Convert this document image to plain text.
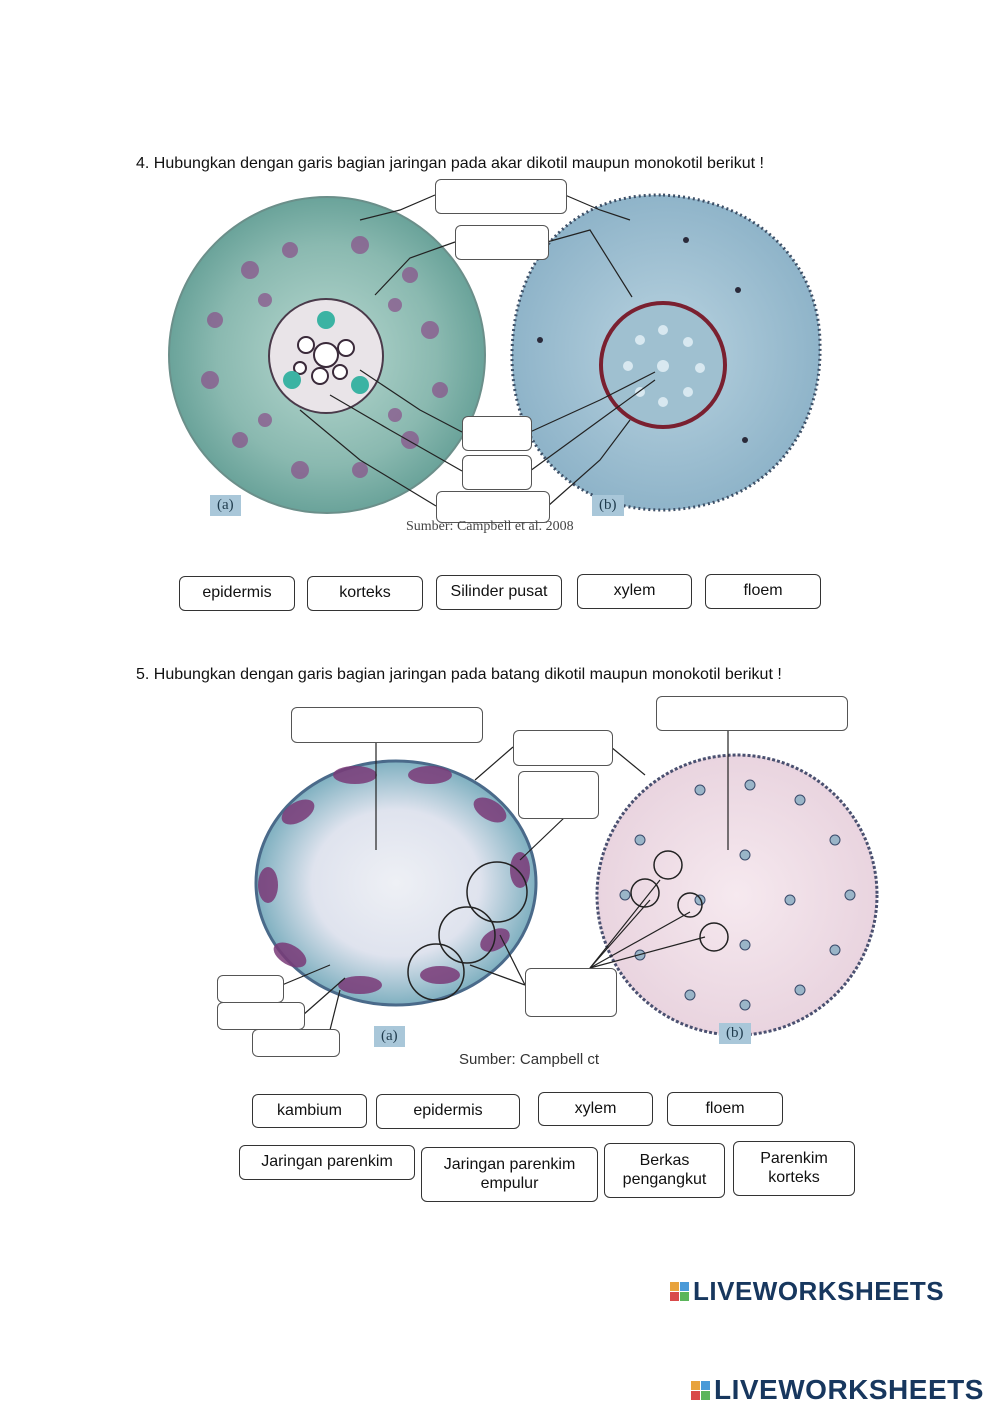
4. Hubungkan dengan garis bagian jaringan pada akar dikotil maupun monokotil berikut !
(a)	(b)
Sumber: Campbell et al. 2008
epidermis	korteks	Silinder pusat	xylem	floem
5. Hubungkan dengan garis bagian jaringan pada batang dikotil maupun monokotil berikut !
(a)	(b)
Sumber: Campbell ct
kambium	epidermis	xylem	floem
Jaringan parenkim	Jaringan parenkim empulur
Berkas pengangkut
Parenkim korteks
LIVEWORKSHEETS
LIVEWORKSHEETS
